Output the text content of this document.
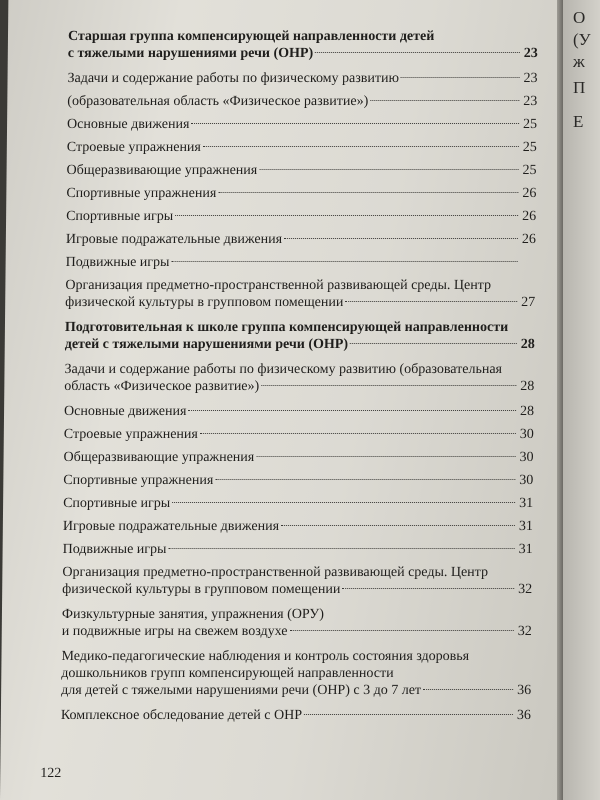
Старшая группа компенсирующей направленности детей
с тяжелыми нарушениями речи (ОНР)	23
Задачи и содержание работы по физическому развитию	23
(образовательная область «Физическое развитие»)	23
Основные движения	25
Строевые упражнения	25
Общеразвивающие упражнения	25
Спортивные упражнения	26
Спортивные игры	26
Игровые подражательные движения	26
Подвижные игры
Организация предметно-пространственной развивающей среды. Центр
физической культуры в групповом помещении	27
Подготовительная к школе группа компенсирующей направленности
детей с тяжелыми нарушениями речи (ОНР)	28
Задачи и содержание работы по физическому развитию (образовательная
область «Физическое развитие»)	28
Основные движения	28
Строевые упражнения	30
Общеразвивающие упражнения	30
Спортивные упражнения	30
Спортивные игры	31
Игровые подражательные движения	31
Подвижные игры	31
Организация предметно-пространственной развивающей среды. Центр
физической культуры в групповом помещении	32
Физкультурные занятия, упражнения (ОРУ)
и подвижные игры на свежем воздухе	32
Медико-педагогические наблюдения и контроль состояния здоровья
дошкольников групп компенсирующей направленности
для детей с тяжелыми нарушениями речи (ОНР) с 3 до 7 лет	36
Комплексное обследование детей с ОНР	36
122
О
(У
ж
П
Е
